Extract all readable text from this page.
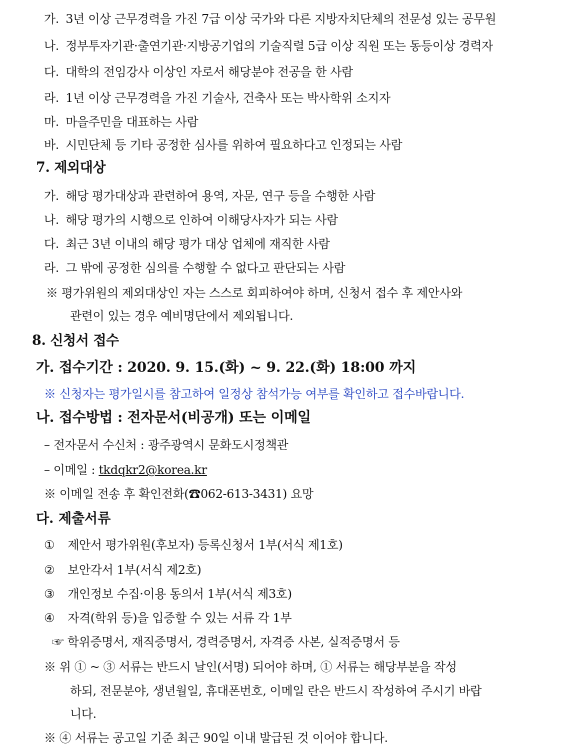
가. 3년 이상 근무경력을 가진 7급 이상 국가와 다른 지방자치단체의 전문성 있는 공무원
나. 정부투자기관·출연기관·지방공기업의 기술직렬 5급 이상 직원 또는 동등이상 경력자
다. 대학의 전임강사 이상인 자로서 해당분야 전공을 한 사람
라. 1년 이상 근무경력을 가진 기술사, 건축사 또는 박사학위 소지자
마. 마을주민을 대표하는 사람
바. 시민단체 등 기타 공정한 심사를 위하여 필요하다고 인정되는 사람
7. 제외대상
가. 해당 평가대상과 관련하여 용역, 자문, 연구 등을 수행한 사람
나. 해당 평가의 시행으로 인하여 이해당사자가 되는 사람
다. 최근 3년 이내의 해당 평가 대상 업체에 재직한 사람
라. 그 밖에 공정한 심의를 수행할 수 없다고 판단되는 사람
※ 평가위원의 제외대상인 자는 스스로 회피하여야 하며, 신청서 접수 후 제안사와
관련이 있는 경우 예비명단에서 제외됩니다.
8. 신청서 접수
가. 접수기간 : 2020. 9. 15.(화) ~ 9. 22.(화) 18:00 까지
※ 신청자는 평가일시를 참고하여 일정상 참석가능 여부를 확인하고 접수바랍니다.
나. 접수방법 : 전자문서(비공개) 또는 이메일
– 전자문서 수신처 : 광주광역시 문화도시정책관
– 이메일 : tkdqkr2@korea.kr
※ 이메일 전송 후 확인전화(☎062-613-3431) 요망
다. 제출서류
① 제안서 평가위원(후보자) 등록신청서 1부(서식 제1호)
② 보안각서 1부(서식 제2호)
③ 개인정보 수집·이용 동의서 1부(서식 제3호)
④ 자격(학위 등)을 입증할 수 있는 서류 각 1부
☞ 학위증명서, 재직증명서, 경력증명서, 자격증 사본, 실적증명서 등
※ 위 ① ~ ③ 서류는 반드시 날인(서명) 되어야 하며, ① 서류는 해당부분을 작성
하되, 전문분야, 생년월일, 휴대폰번호, 이메일 란은 반드시 작성하여 주시기 바랍
니다.
※ ④ 서류는 공고일 기준 최근 90일 이내 발급된 것 이어야 합니다.
